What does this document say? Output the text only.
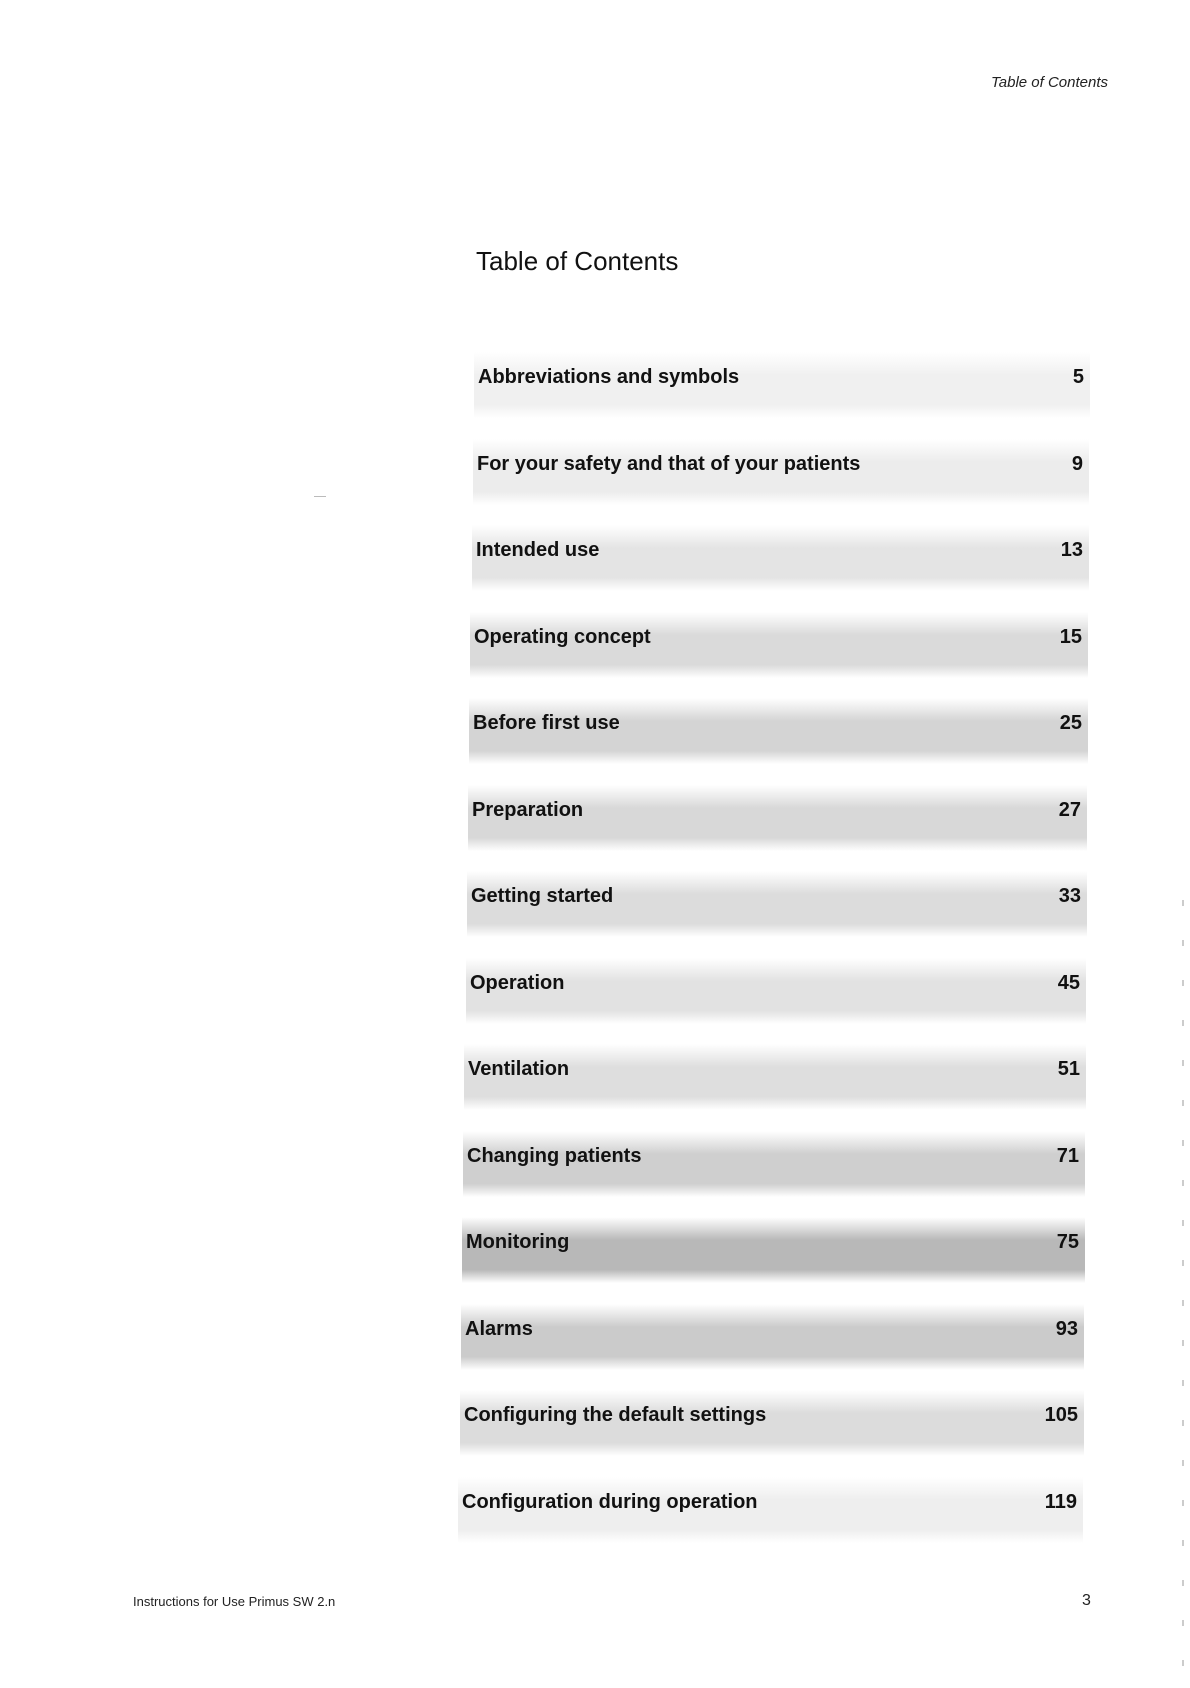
Table of Contents
Table of Contents
Abbreviations and symbols	5
For your safety and that of your patients	9
Intended use	13
Operating concept	15
Before first use	25
Preparation	27
Getting started	33
Operation	45
Ventilation	51
Changing patients	71
Monitoring	75
Alarms	93
Configuring the default settings	105
Configuration during operation	119
Instructions for Use Primus SW 2.n	3
